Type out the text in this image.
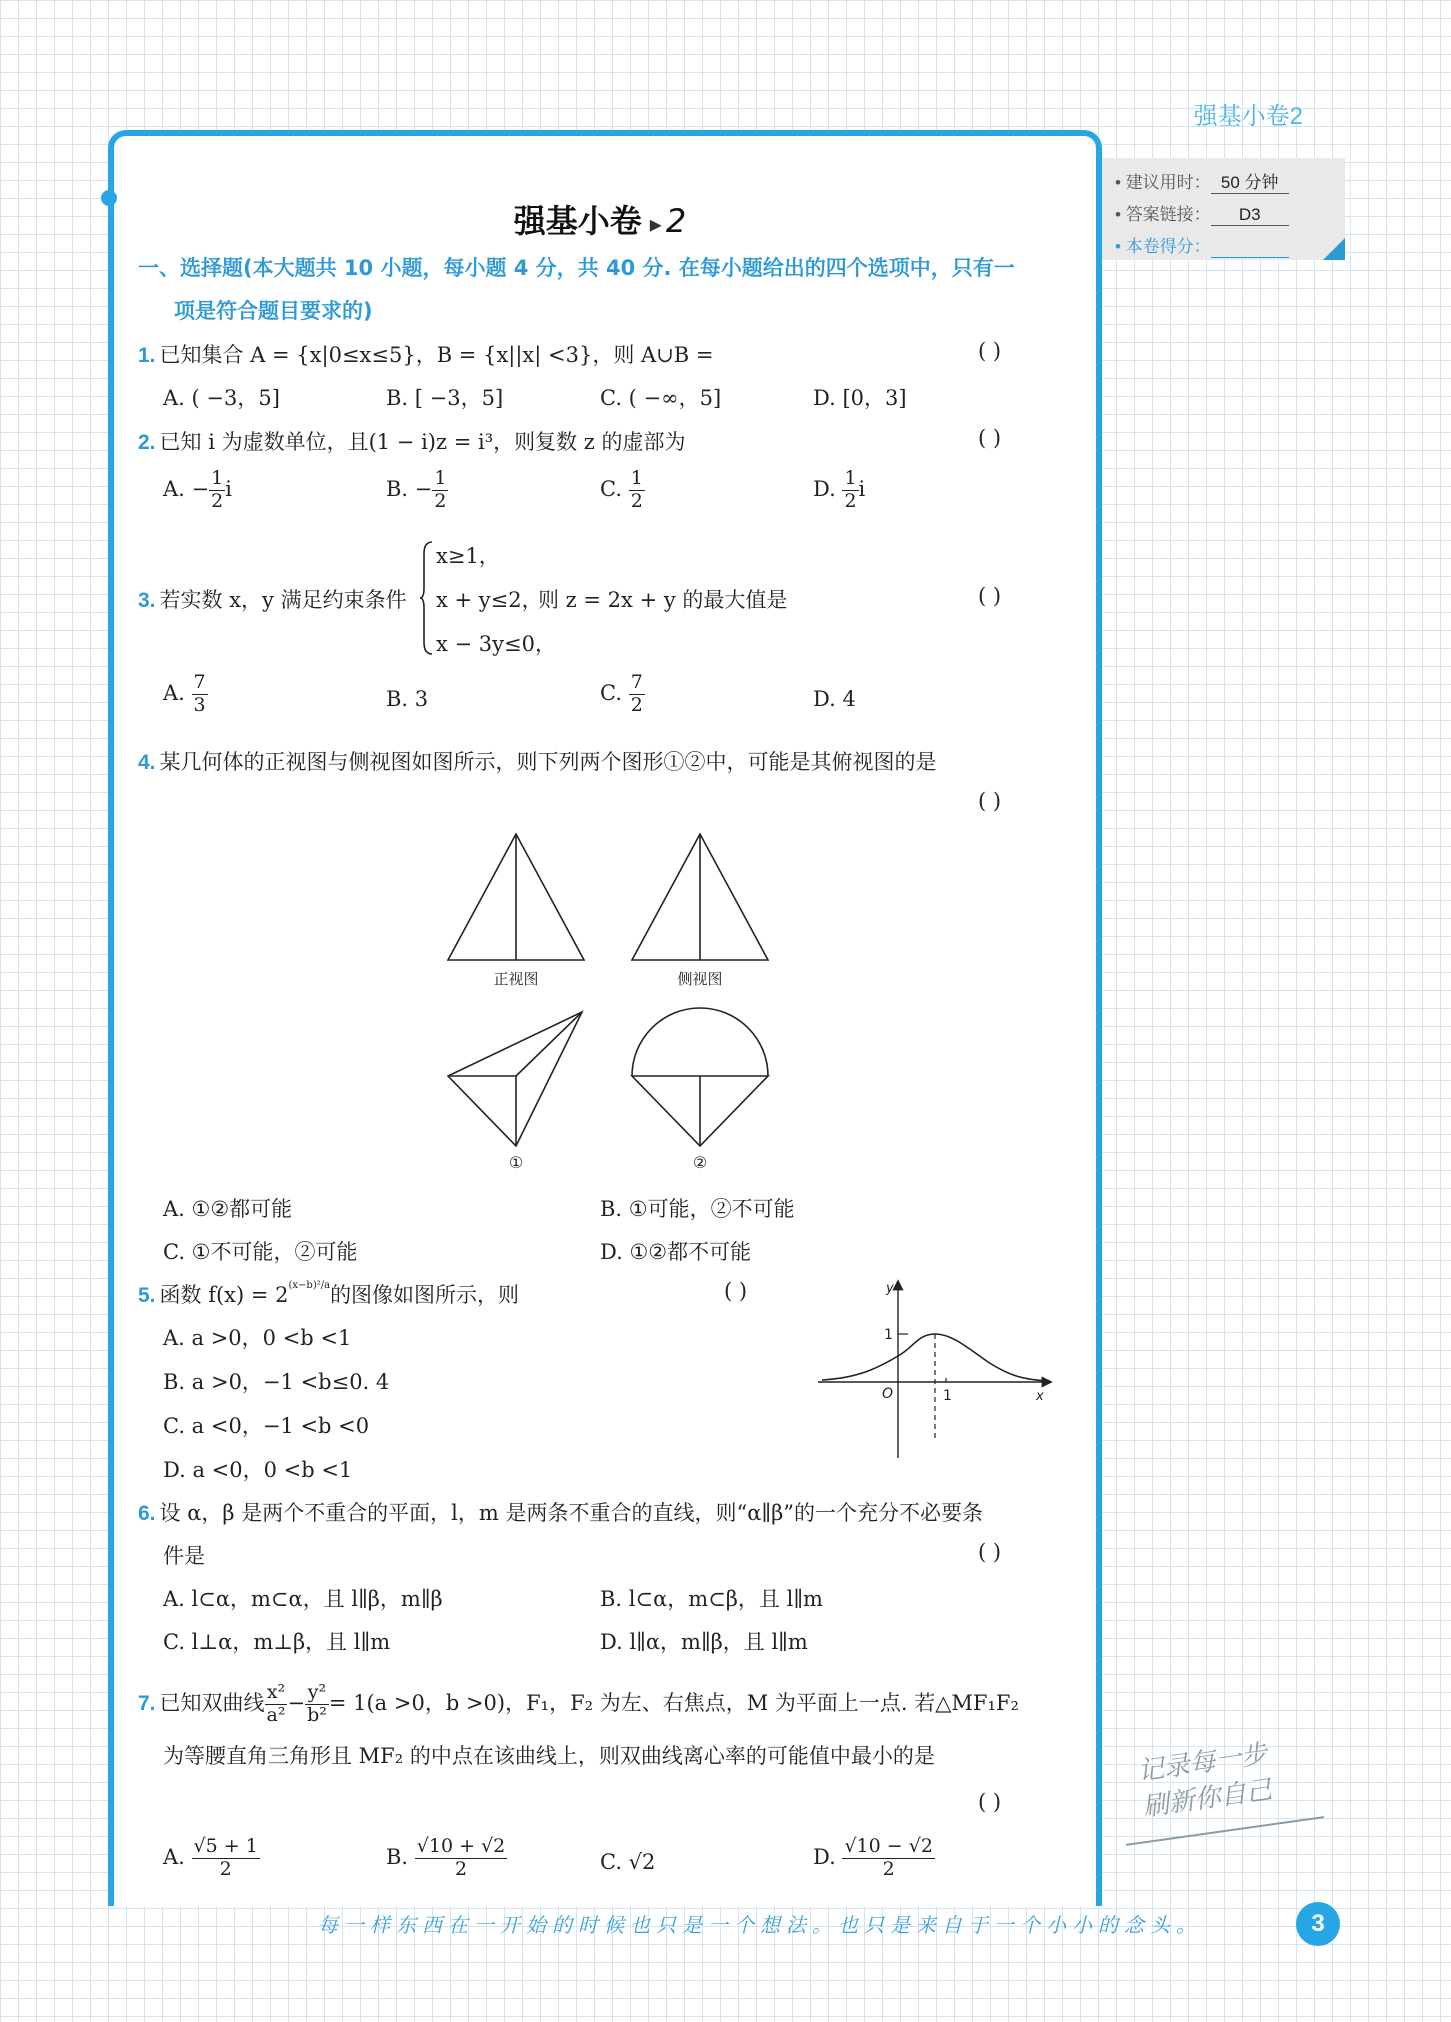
强基小卷2
• 建议用时： 50 分钟
• 答案链接： D3
• 本卷得分：
强基小卷 ▸ 2
一、选择题(本大题共 10 小题，每小题 4 分，共 40 分. 在每小题给出的四个选项中，只有一
项是符合题目要求的)
1. 已知集合 A = {x|0≤x≤5}，B = {x||x| <3}，则 A∪B =	( )
A. ( −3，5]	B. [ −3，5]	C. ( −∞，5]	D. [0，3]
2. 已知 i 为虚数单位，且(1 − i)z = i³，则复数 z 的虚部为	( )
A. − $\frac{1}{2}$ i	B. − $\frac{1}{2}$	C. $\frac{1}{2}$	D. $\frac{1}{2}$ i
3. 若实数 x，y 满足约束条件
x≥1，
x + y≤2，
x − 3y≤0，
则 z = 2x + y 的最大值是	( )
A. $\frac{7}{3}$	B. 3	C. $\frac{7}{2}$	D. 4
4. 某几何体的正视图与侧视图如图所示，则下列两个图形①②中，可能是其俯视图的是
( )
正视图	侧视图
①	②
A. ①②都可能	B. ①可能，②不可能
C. ①不可能，②可能	D. ①②都不可能
5. 函数 $f(x) = 2^{(x-b)^2/a}$的图像如图所示，则	( )
A. a >0，0 <b <1
B. a >0，−1 <b≤0. 4
C. a <0，−1 <b <0
D. a <0，0 <b <1
y
x
O	1
1
6. 设 α，β 是两个不重合的平面，l，m 是两条不重合的直线，则“α∥β”的一个充分不必要条
件是	( )
A. l⊂α，m⊂α，且 l∥β，m∥β	B. l⊂α，m⊂β，且 l∥m
C. l⊥α，m⊥β，且 l∥m	D. l∥α，m∥β，且 l∥m
7. 已知双曲线 $\frac{\text{x²}}{\text{a²}} - \frac{\text{y²}}{\text{b²}} = 1(a >0$，b >0)，F₁，F₂ 为左、右焦点，M 为平面上一点. 若△MF₁F₂
为等腰直角三角形且 MF₂ 的中点在该曲线上，则双曲线离心率的可能值中最小的是
( )
A. $\frac{√5 + 1}{2}$	B. $\frac{√10 + √2}{2}$	C. √2	D. $\frac{√10 - √2}{2}$
记录每一步
刷新你自己
每一样东西在一开始的时候也只是一个想法。也只是来自于一个小小的念头。	3
